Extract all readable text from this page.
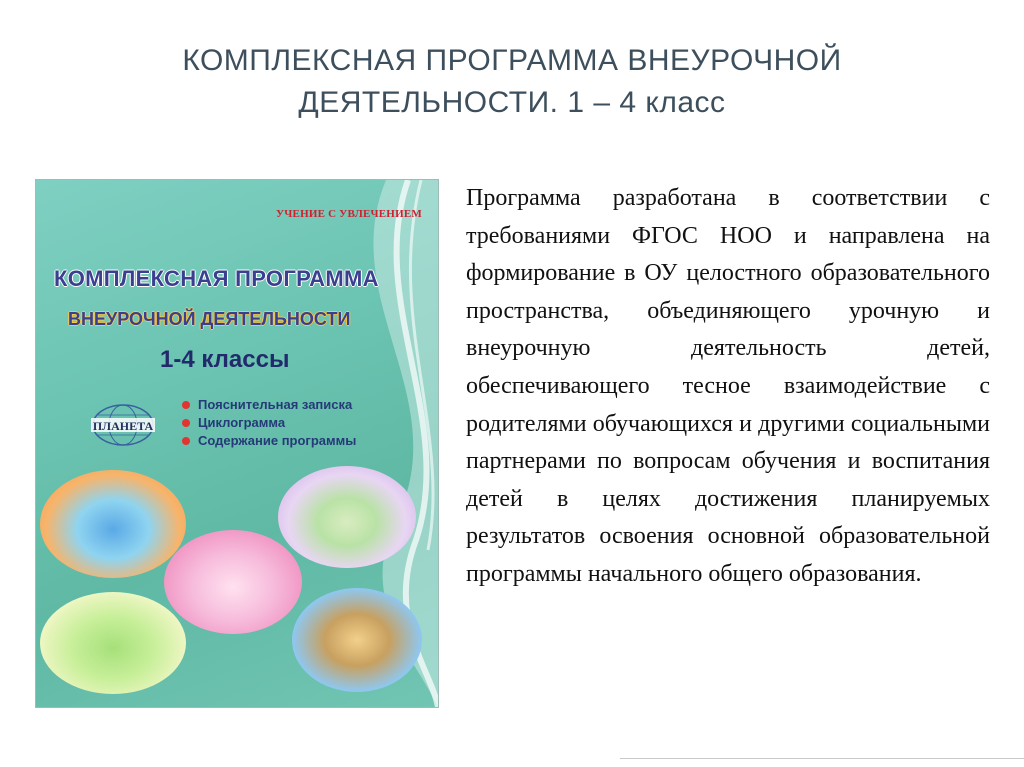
КОМПЛЕКСНАЯ ПРОГРАММА ВНЕУРОЧНОЙ
ДЕЯТЕЛЬНОСТИ. 1 – 4 класс
УЧЕНИЕ С УВЛЕЧЕНИЕМ
КОМПЛЕКСНАЯ ПРОГРАММА
ВНЕУРОЧНОЙ ДЕЯТЕЛЬНОСТИ
1-4 классы
ПЛАНЕТА
Пояснительная записка
Циклограмма
Содержание программы

Программа разработана в соответствии с требованиями ФГОС НОО и направлена на формирование в ОУ целостного образовательного пространства, объединяющего урочную и внеурочную деятельность детей, обеспечивающего тесное взаимодействие с родителями обучающихся и другими социальными партнерами по вопросам обучения и воспитания детей в целях достижения планируемых результатов освоения основной образовательной программы начального общего образования.
